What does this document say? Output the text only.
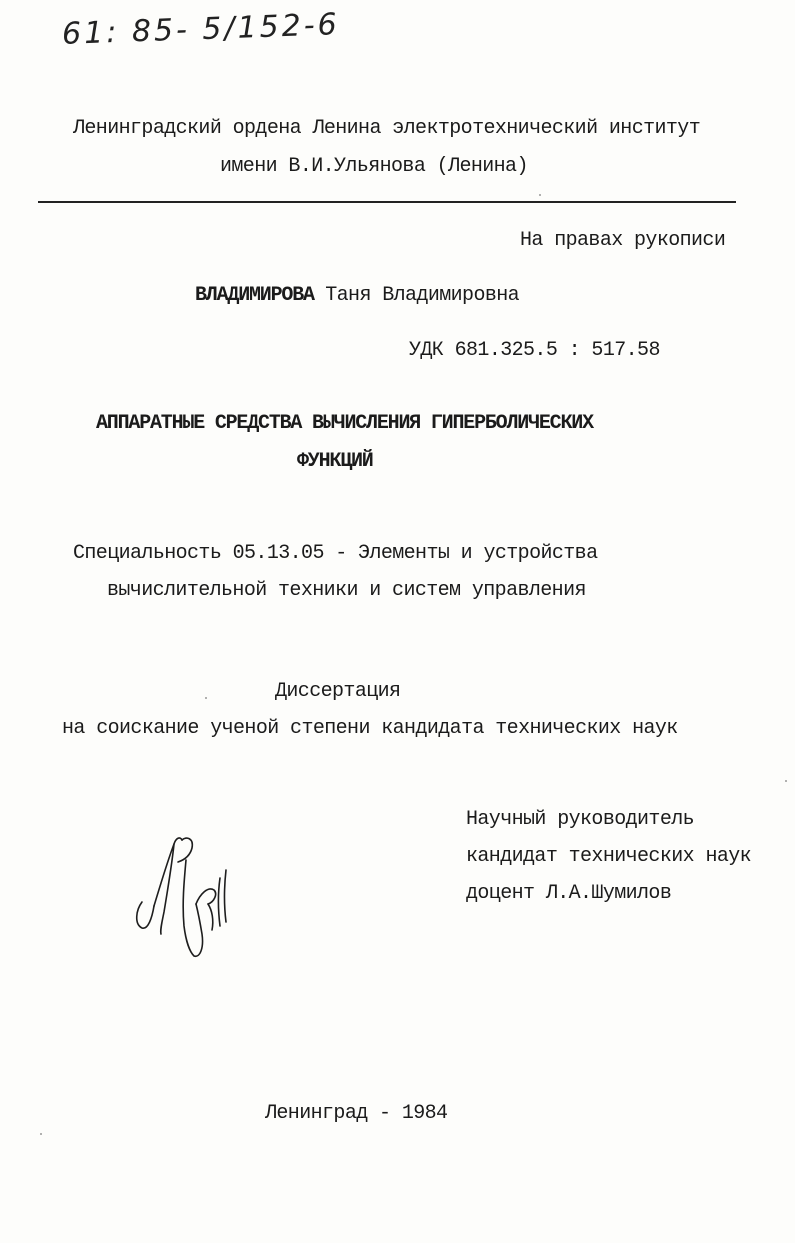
61: 85- 5/152-6
Ленинградский ордена Ленина электротехнический институт
имени В.И.Ульянова (Ленина)
На правах рукописи
ВЛАДИМИРОВА Таня Владимировна
УДК 681.325.5 : 517.58
АППАРАТНЫЕ СРЕДСТВА ВЫЧИСЛЕНИЯ ГИПЕРБОЛИЧЕСКИХ
ФУНКЦИЙ
Специальность 05.13.05 - Элементы и устройства
вычислительной техники и систем управления
Диссертация
на соискание ученой степени кандидата технических наук
Научный руководитель
кандидат технических наук
доцент Л.А.Шумилов
Ленинград - 1984
